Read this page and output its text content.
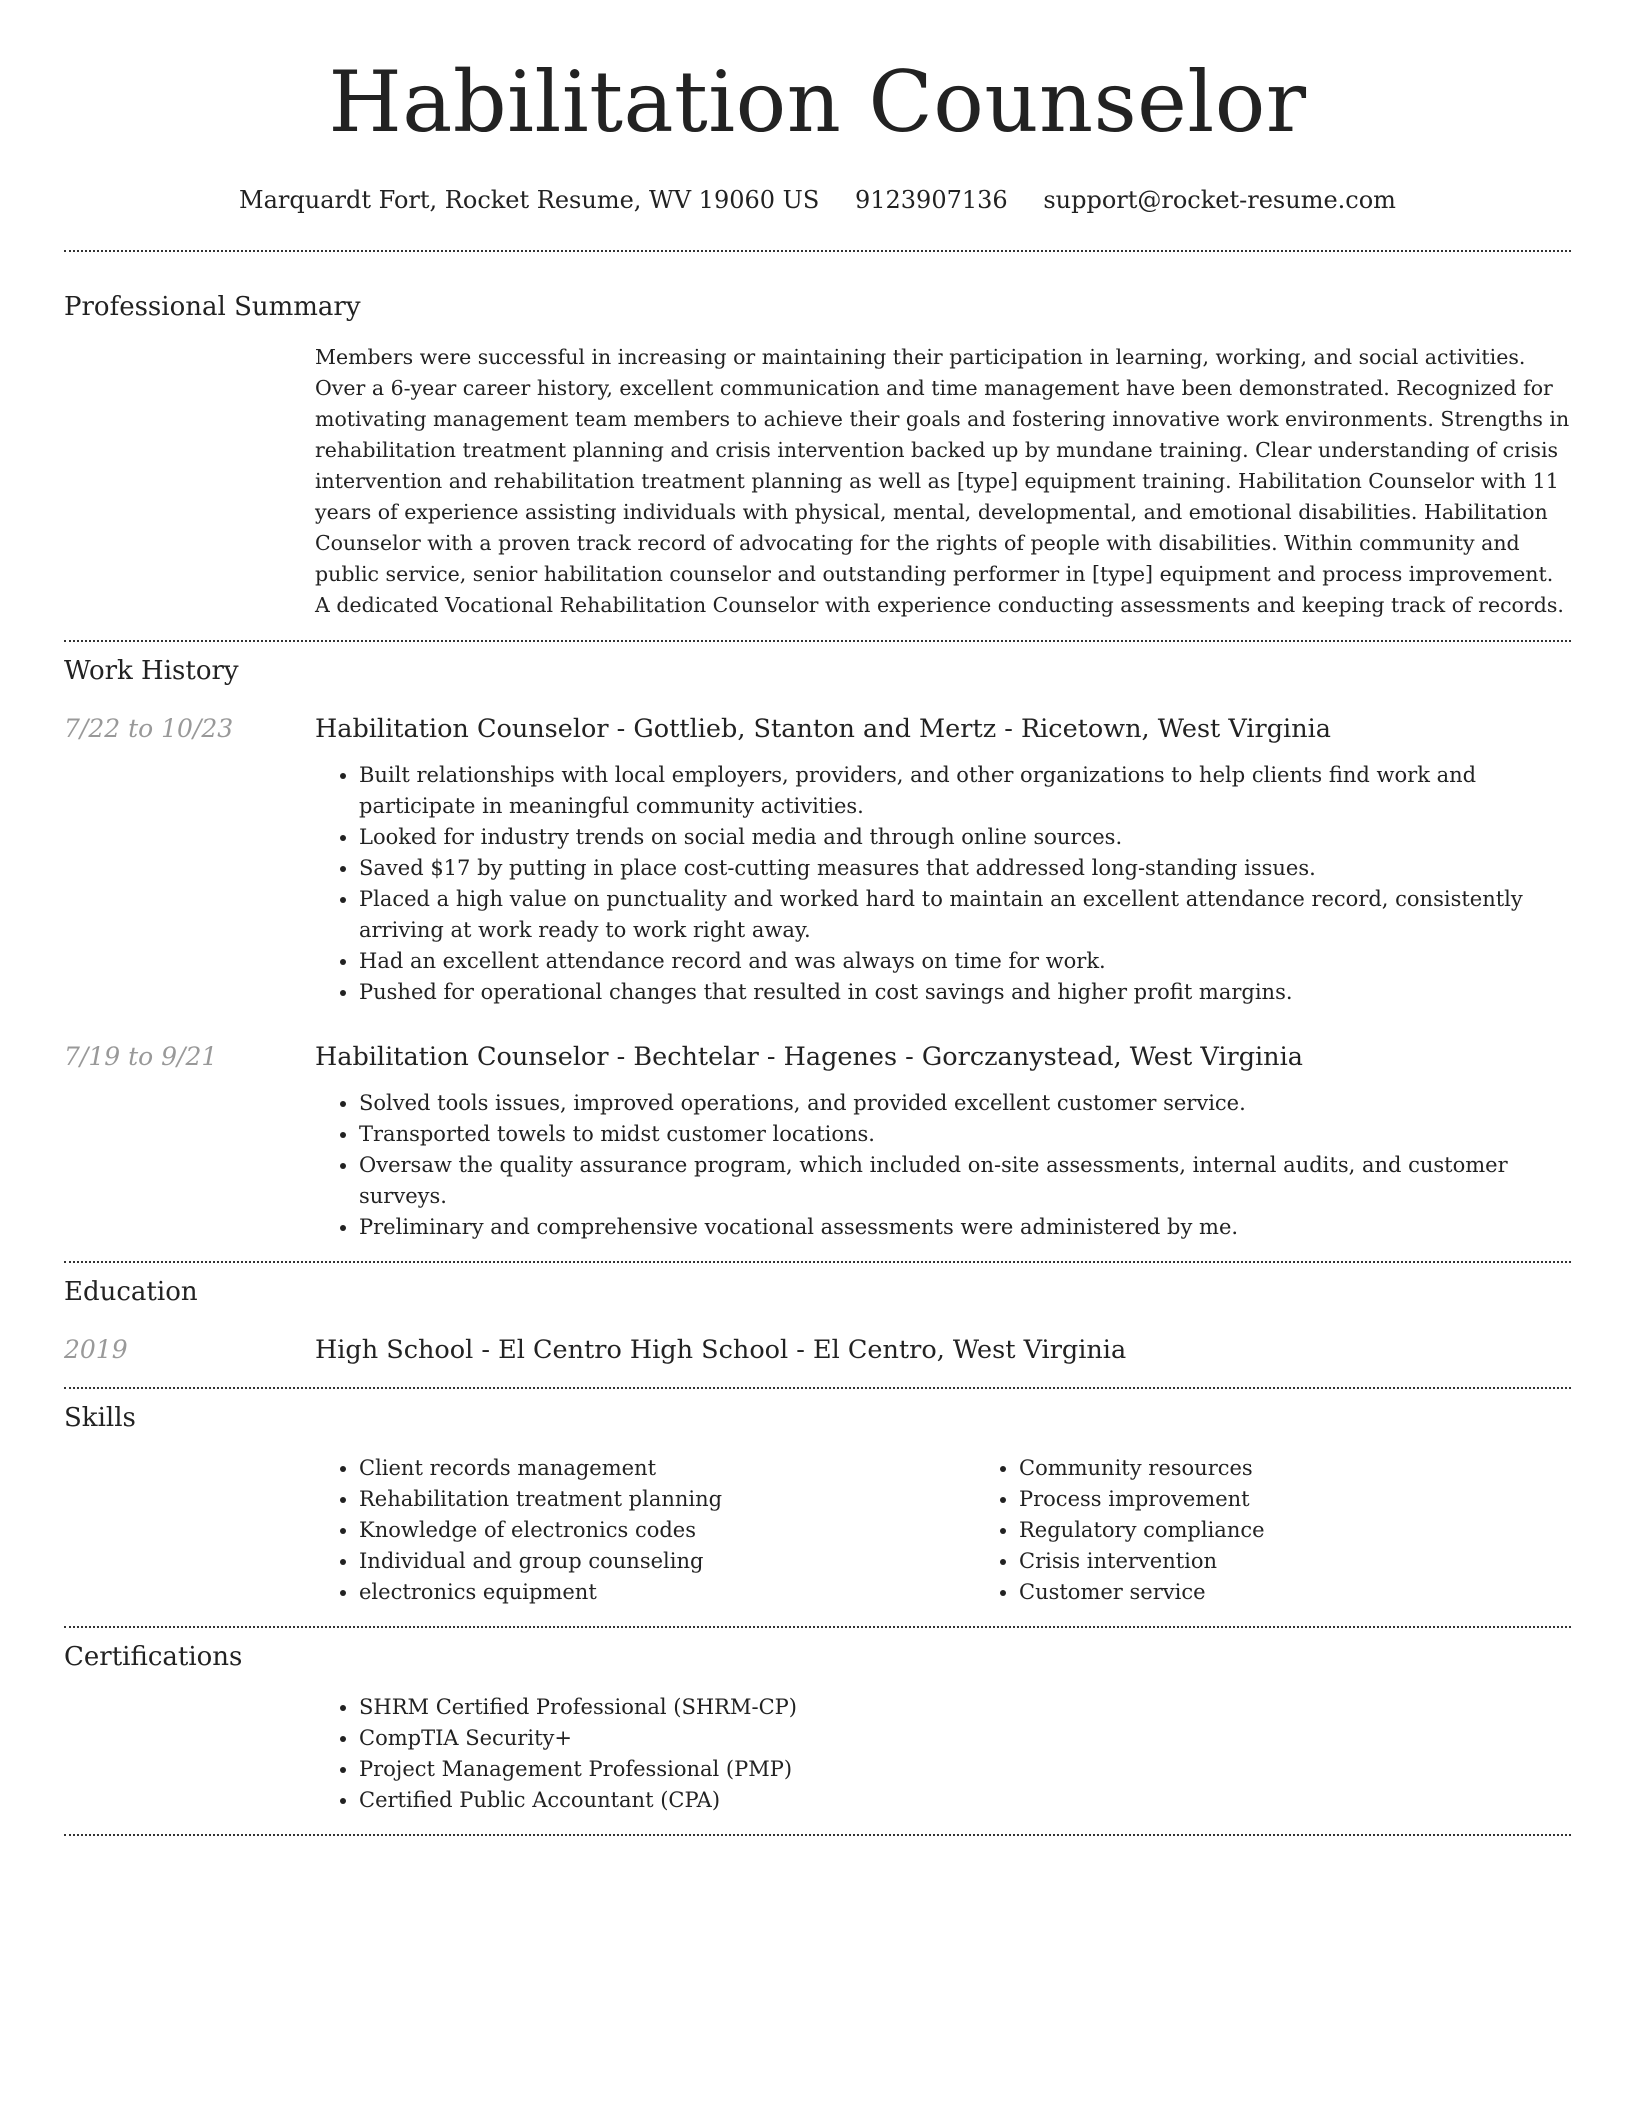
Habilitation Counselor
Marquardt Fort, Rocket Resume, WV 19060 US 9123907136 support@rocket-resume.com
Professional Summary

Members were successful in increasing or maintaining their participation in learning, working, and social activities. Over a 6-year career history, excellent communication and time management have been demonstrated. Recognized for motivating management team members to achieve their goals and fostering innovative work environments. Strengths in rehabilitation treatment planning and crisis intervention backed up by mundane training. Clear understanding of crisis intervention and rehabilitation treatment planning as well as [type] equipment training. Habilitation Counselor with 11 years of experience assisting individuals with physical, mental, developmental, and emotional disabilities. Habilitation Counselor with a proven track record of advocating for the rights of people with disabilities. Within community and public service, senior habilitation counselor and outstanding performer in [type] equipment and process improvement. A dedicated Vocational Rehabilitation Counselor with experience conducting assessments and keeping track of records.

Work History
7/22 to 10/23	Habilitation Counselor - Gottlieb, Stanton and Mertz - Ricetown, West Virginia
• Built relationships with local employers, providers, and other organizations to help clients find work and participate in meaningful community activities.
• Looked for industry trends on social media and through online sources.
• Saved $17 by putting in place cost-cutting measures that addressed long-standing issues.
• Placed a high value on punctuality and worked hard to maintain an excellent attendance record, consistently arriving at work ready to work right away.
• Had an excellent attendance record and was always on time for work.
• Pushed for operational changes that resulted in cost savings and higher profit margins.
7/19 to 9/21	Habilitation Counselor - Bechtelar - Hagenes - Gorczanystead, West Virginia
• Solved tools issues, improved operations, and provided excellent customer service.
• Transported towels to midst customer locations.
• Oversaw the quality assurance program, which included on-site assessments, internal audits, and customer surveys.
• Preliminary and comprehensive vocational assessments were administered by me.
Education
2019	High School - El Centro High School - El Centro, West Virginia
Skills
• Client records management
• Rehabilitation treatment planning
• Knowledge of electronics codes
• Individual and group counseling
• electronics equipment
• Community resources
• Process improvement
• Regulatory compliance
• Crisis intervention
• Customer service
Certifications
• SHRM Certified Professional (SHRM-CP)
• CompTIA Security+
• Project Management Professional (PMP)
• Certified Public Accountant (CPA)
